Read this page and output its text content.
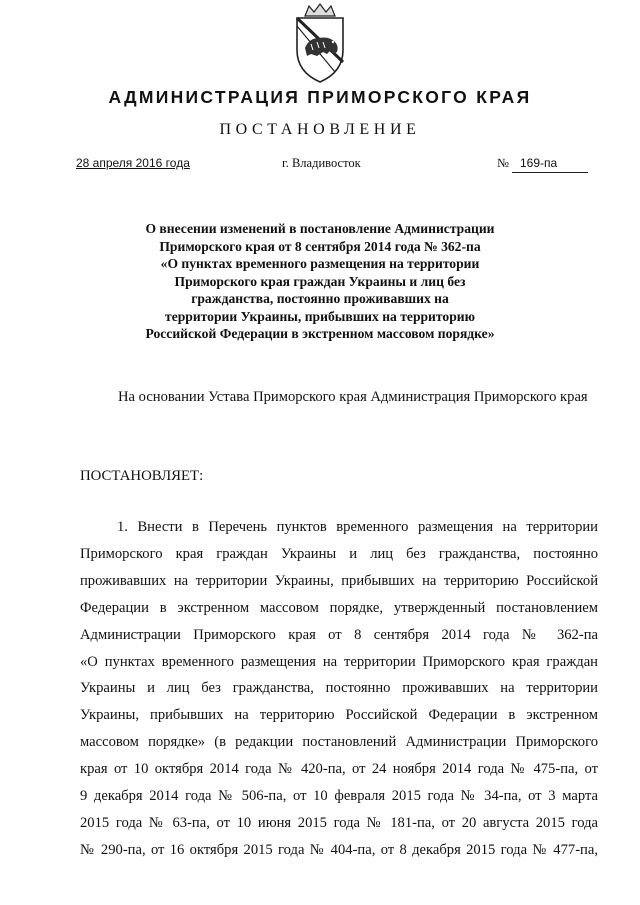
АДМИНИСТРАЦИЯ ПРИМОРСКОГО КРАЯ
ПОСТАНОВЛЕНИЕ
28 апреля 2016 года	г. Владивосток	№ 169-па
О внесении изменений в постановление Администрации
Приморского края от 8 сентября 2014 года № 362-па
«О пунктах временного размещения на территории
Приморского края граждан Украины и лиц без
гражданства, постоянно проживавших на
территории Украины, прибывших на территорию
Российской Федерации в экстренном массовом порядке»
На основании Устава Приморского края Администрация Приморского края
ПОСТАНОВЛЯЕТ:
1. Внести в Перечень пунктов временного размещения на территории
Приморского края граждан Украины и лиц без гражданства, постоянно
проживавших на территории Украины, прибывших на территорию Российской
Федерации в экстренном массовом порядке, утвержденный постановлением
Администрации Приморского края от 8 сентября 2014 года № 362-па
«О пунктах временного размещения на территории Приморского края граждан
Украины и лиц без гражданства, постоянно проживавших на территории
Украины, прибывших на территорию Российской Федерации в экстренном
массовом порядке» (в редакции постановлений Администрации Приморского
края от 10 октября 2014 года № 420-па, от 24 ноября 2014 года № 475-па, от
9 декабря 2014 года № 506-па, от 10 февраля 2015 года № 34-па, от 3 марта
2015 года № 63-па, от 10 июня 2015 года № 181-па, от 20 августа 2015 года
№ 290-па, от 16 октября 2015 года № 404-па, от 8 декабря 2015 года № 477-па,
